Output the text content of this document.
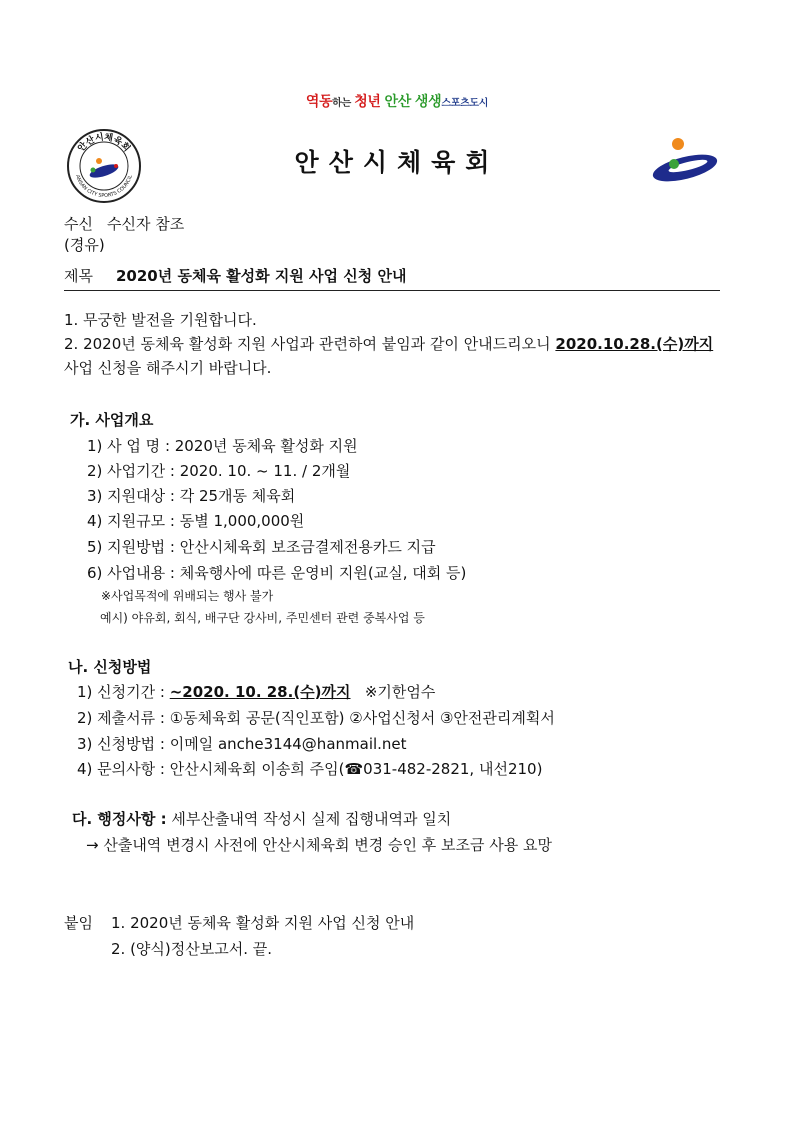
역동하는 청년 안산 생생스포츠도시
안산시체육회
ANSAN CITY SPORTS COUNCIL	안산시체육회
수신 수신자 참조
(경유)
제목 2020년 동체육 활성화 지원 사업 신청 안내
1. 무궁한 발전을 기원합니다.
2. 2020년 동체육 활성화 지원 사업과 관련하여 붙임과 같이 안내드리오니 2020.10.28.(수)까지
사업 신청을 해주시기 바랍니다.
가. 사업개요
1) 사 업 명 : 2020년 동체육 활성화 지원
2) 사업기간 : 2020. 10. ~ 11. / 2개월
3) 지원대상 : 각 25개동 체육회
4) 지원규모 : 동별 1,000,000원
5) 지원방법 : 안산시체육회 보조금결제전용카드 지급
6) 사업내용 : 체육행사에 따른 운영비 지원(교실, 대회 등)
※사업목적에 위배되는 행사 불가
예시) 야유회, 회식, 배구단 강사비, 주민센터 관련 중복사업 등
나. 신청방법
1) 신청기간 : ~2020. 10. 28.(수)까지 ※기한엄수
2) 제출서류 : ①동체육회 공문(직인포함) ②사업신청서 ③안전관리계획서
3) 신청방법 : 이메일 anche3144@hanmail.net
4) 문의사항 : 안산시체육회 이송희 주임(☎031-482-2821, 내선210)
다. 행정사항 : 세부산출내역 작성시 실제 집행내역과 일치
→ 산출내역 변경시 사전에 안산시체육회 변경 승인 후 보조금 사용 요망
붙임 1. 2020년 동체육 활성화 지원 사업 신청 안내
2. (양식)정산보고서. 끝.
